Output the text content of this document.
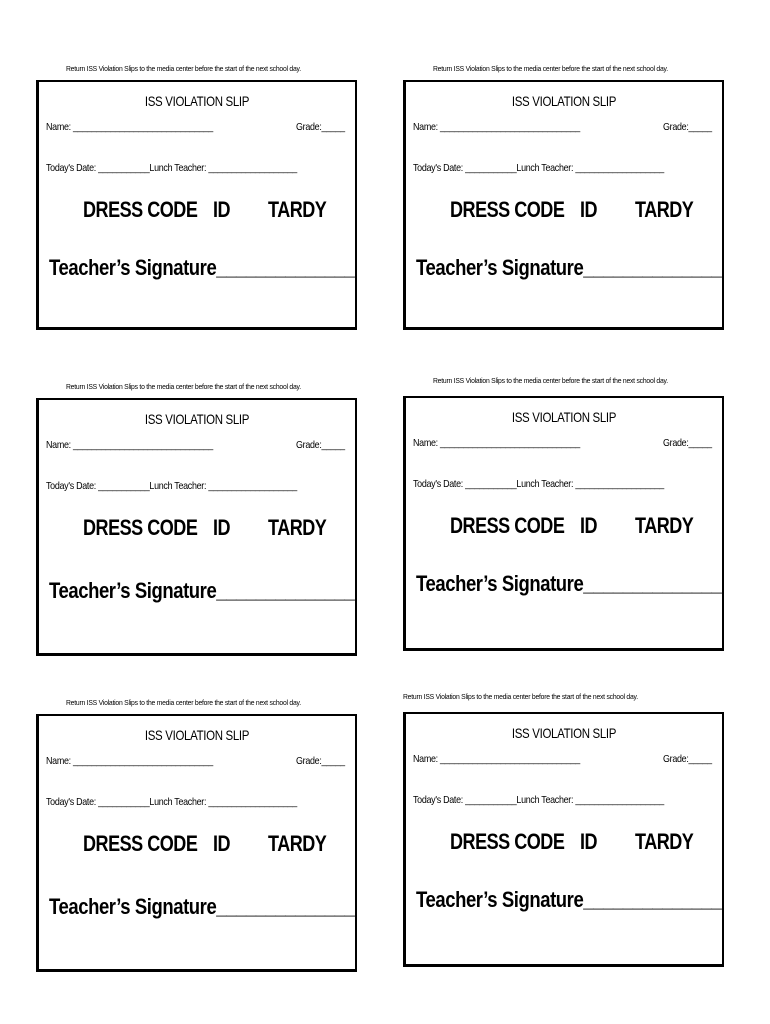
Return ISS Violation Slips to the media center before the start of the next school day.
ISS VIOLATION SLIP
Name: ______________________________	Grade:_____
Today's Date: ___________Lunch Teacher: ___________________
DRESS CODE ID TARDY
Teacher’s Signature______________
Return ISS Violation Slips to the media center before the start of the next school day.
ISS VIOLATION SLIP
Name: ______________________________	Grade:_____
Today's Date: ___________Lunch Teacher: ___________________
DRESS CODE ID TARDY
Teacher’s Signature______________
Return ISS Violation Slips to the media center before the start of the next school day.
ISS VIOLATION SLIP
Name: ______________________________	Grade:_____
Today's Date: ___________Lunch Teacher: ___________________
DRESS CODE ID TARDY
Teacher’s Signature______________
Return ISS Violation Slips to the media center before the start of the next school day.
ISS VIOLATION SLIP
Name: ______________________________	Grade:_____
Today's Date: ___________Lunch Teacher: ___________________
DRESS CODE ID TARDY
Teacher’s Signature______________
Return ISS Violation Slips to the media center before the start of the next school day.
ISS VIOLATION SLIP
Name: ______________________________	Grade:_____
Today's Date: ___________Lunch Teacher: ___________________
DRESS CODE ID TARDY
Teacher’s Signature______________
Return ISS Violation Slips to the media center before the start of the next school day.
ISS VIOLATION SLIP
Name: ______________________________	Grade:_____
Today's Date: ___________Lunch Teacher: ___________________
DRESS CODE ID TARDY
Teacher’s Signature______________
